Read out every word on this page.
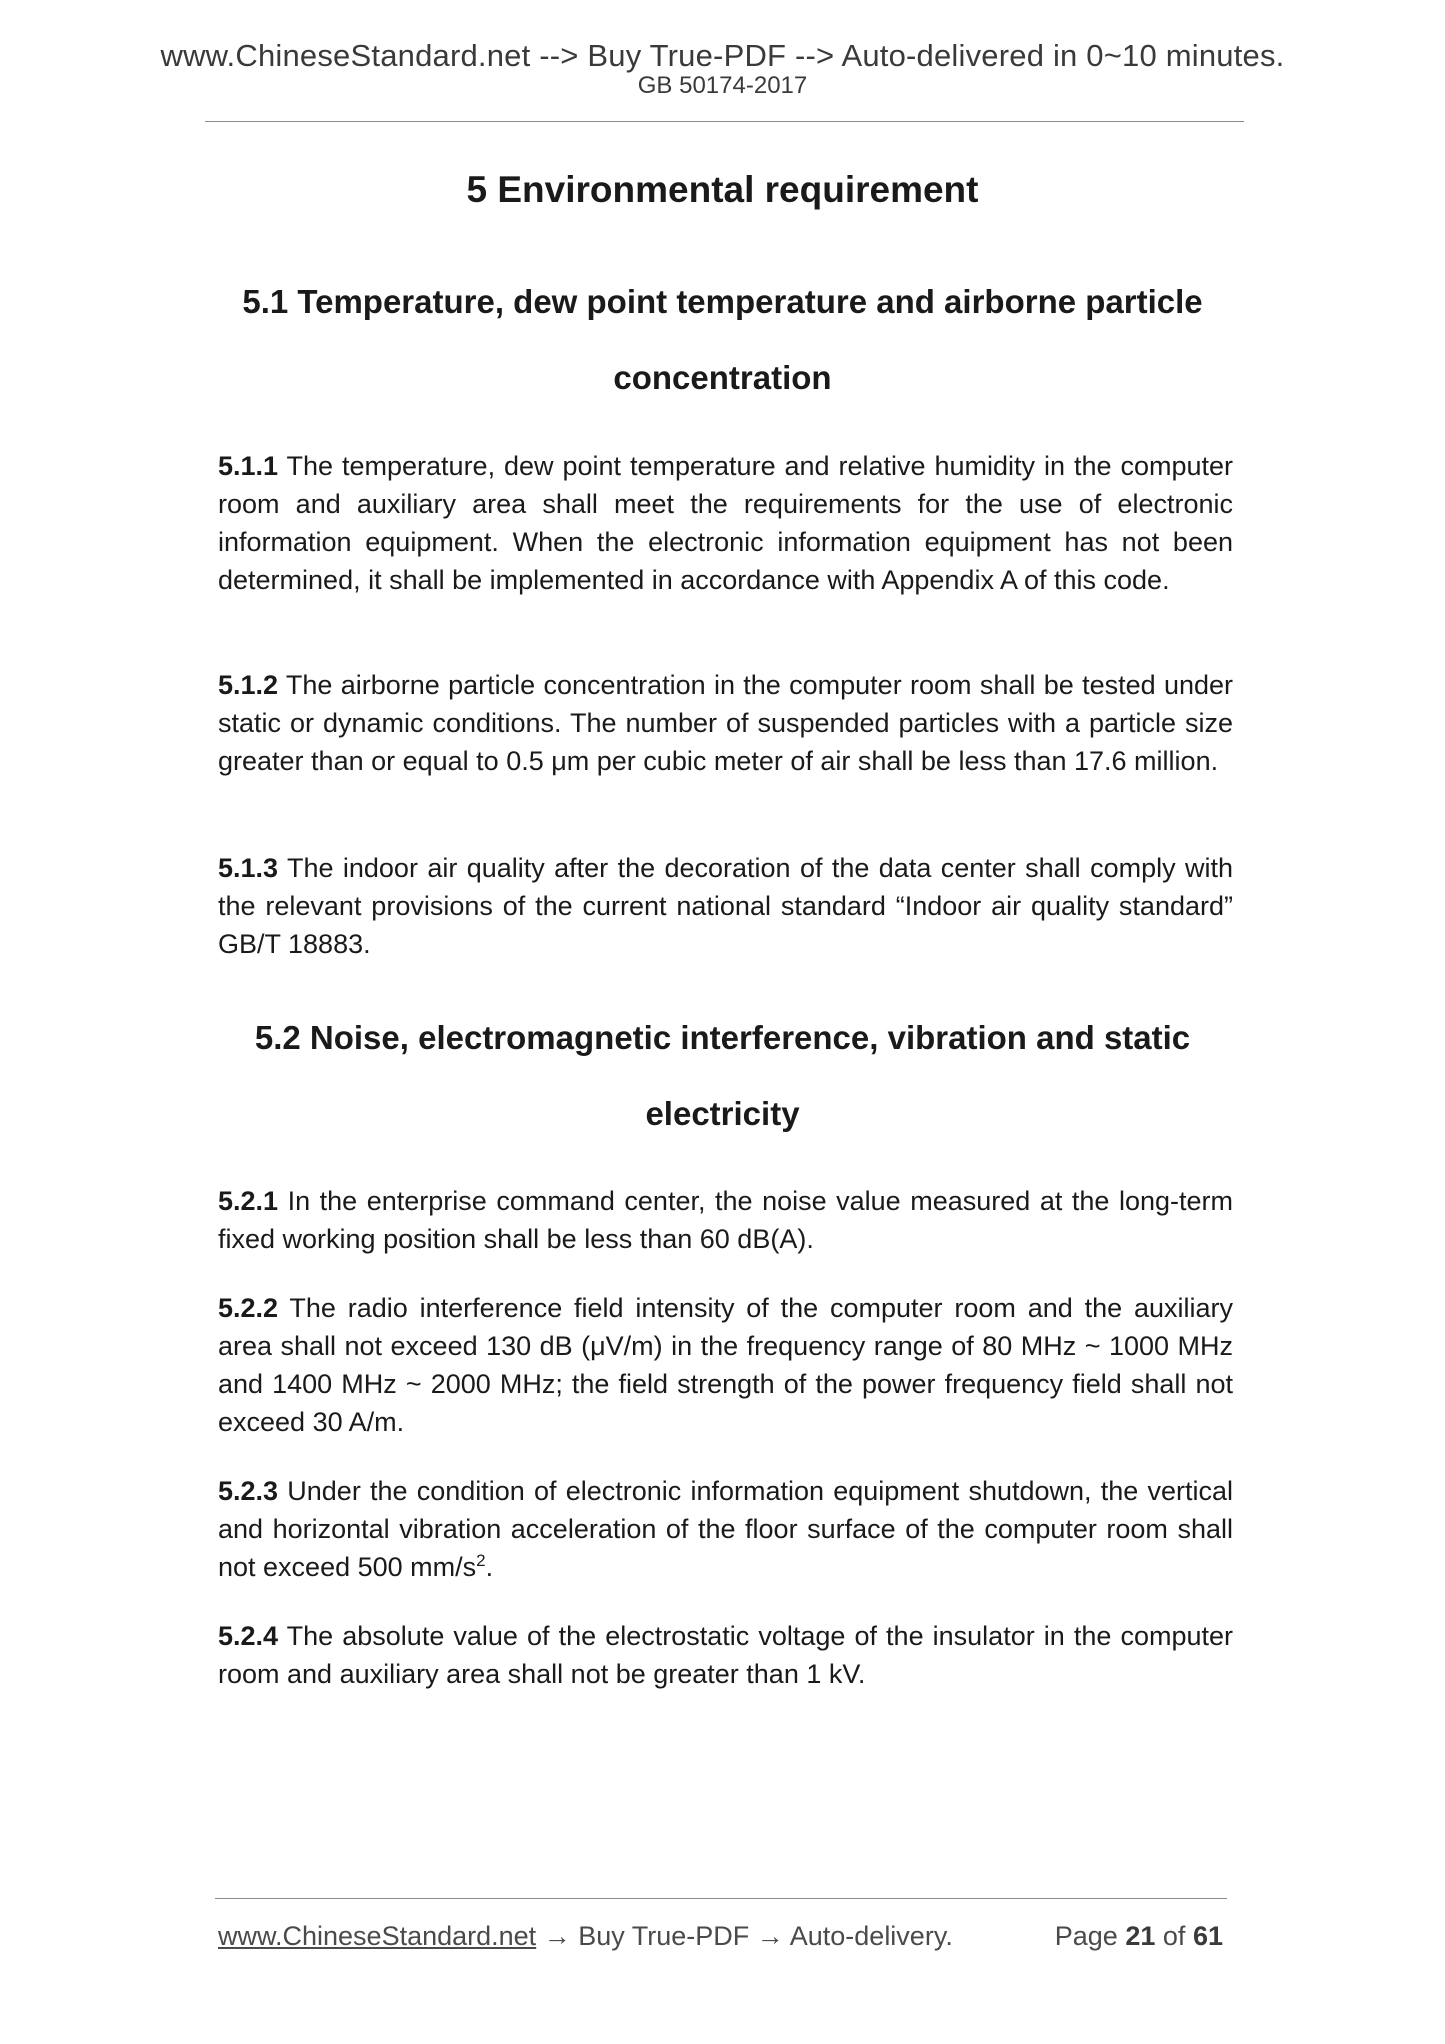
www.ChineseStandard.net --> Buy True-PDF --> Auto-delivered in 0~10 minutes.
GB 50174-2017
5 Environmental requirement
5.1 Temperature, dew point temperature and airborne particle concentration

5.1.1 The temperature, dew point temperature and relative humidity in the computer room and auxiliary area shall meet the requirements for the use of electronic information equipment. When the electronic information equipment has not been determined, it shall be implemented in accordance with Appendix A of this code.

5.1.2 The airborne particle concentration in the computer room shall be tested under static or dynamic conditions. The number of suspended particles with a particle size greater than or equal to 0.5 μm per cubic meter of air shall be less than 17.6 million.

5.1.3 The indoor air quality after the decoration of the data center shall comply with the relevant provisions of the current national standard “Indoor air quality standard” GB/T 18883.

5.2 Noise, electromagnetic interference, vibration and static electricity

5.2.1 In the enterprise command center, the noise value measured at the long-term fixed working position shall be less than 60 dB(A).

5.2.2 The radio interference field intensity of the computer room and the auxiliary area shall not exceed 130 dB (μV/m) in the frequency range of 80 MHz ~ 1000 MHz and 1400 MHz ~ 2000 MHz; the field strength of the power frequency field shall not exceed 30 A/m.

5.2.3 Under the condition of electronic information equipment shutdown, the vertical and horizontal vibration acceleration of the floor surface of the computer room shall not exceed 500 $mm/s^2$.

5.2.4 The absolute value of the electrostatic voltage of the insulator in the computer room and auxiliary area shall not be greater than 1 kV.

www.ChineseStandard.net → Buy True-PDF → Auto-delivery.	Page 21 of 61
